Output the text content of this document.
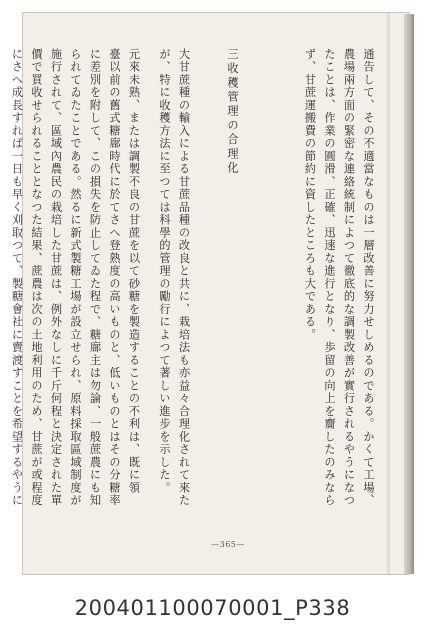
通告して、その不適當なものは一層改善に努力せしめるのである。かくて工場、
農場兩方面の緊密な連絡統制によつて徹底的な調製改善が實行されるやうになつ
たことは、作業の圓滑、正確、迅速な進行となり、歩留の向上を齎したのみなら
ず、甘蔗運搬費の節約に資したところも大である。
三收穫管理の合理化
大甘蔗種の輸入による甘蔗品種の改良と共に、栽培法も亦益々合理化されて來た
が、特に收穫方法に至つては科學的管理の勵行によつて著しい進步を示した。
元來未熟、または調製不良の甘蔗を以て砂糖を製造することの不利は、既に領
臺以前の舊式糖廍時代に於てさへ登熟度の高いものと、低いものとはその分糖率
に差別を附して、この損失を防止してゐた程で、糖廍主は勿論、一般蔗農にも知
られてゐたことである。然るに新式製糖工場が設立せられ、原料採取區域制度が
施行されて、區域內農民の栽培した甘蔗は、例外なしに千斤何程と決定された單
價で買收せられることとなつた結果、蔗農は次の土地利用のため、甘蔗が或程度
にさへ成長すれば一日も早く刈取つて、製糖會社に賣渡すことを希望するやうに
—365—
200401100070001_P338
